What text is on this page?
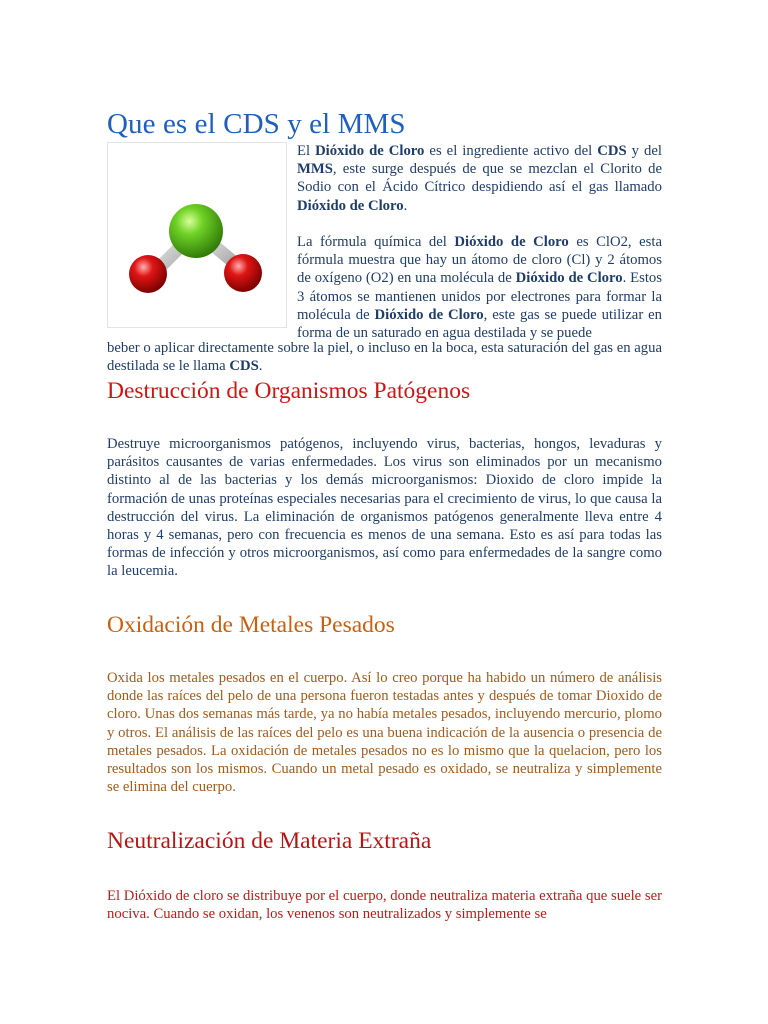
Que es el CDS y el MMS

El Dióxido de Cloro es el ingrediente activo del CDS y del MMS, este surge después de que se mezclan el Clorito de Sodio con el Ácido Cítrico despidiendo así el gas llamado Dióxido de Cloro.

La fórmula química del Dióxido de Cloro es ClO2, esta fórmula muestra que hay un átomo de cloro (Cl) y 2 átomos de oxígeno (O2) en una molécula de Dióxido de Cloro. Estos 3 átomos se mantienen unidos por electrones para formar la molécula de Dióxido de Cloro, este gas se puede utilizar en forma de un saturado en agua destilada y se puede

beber o aplicar directamente sobre la piel, o incluso en la boca, esta saturación del gas en agua destilada se le llama CDS.

Destrucción de Organismos Patógenos

Destruye microorganismos patógenos, incluyendo virus, bacterias, hongos, levaduras y parásitos causantes de varias enfermedades. Los virus son eliminados por un mecanismo distinto al de las bacterias y los demás microorganismos: Dioxido de cloro impide la formación de unas proteínas especiales necesarias para el crecimiento de virus, lo que causa la destrucción del virus. La eliminación de organismos patógenos generalmente lleva entre 4 horas y 4 semanas, pero con frecuencia es menos de una semana. Esto es así para todas las formas de infección y otros microorganismos, así como para enfermedades de la sangre como la leucemia.

Oxidación de Metales Pesados

Oxida los metales pesados en el cuerpo. Así lo creo porque ha habido un número de análisis donde las raíces del pelo de una persona fueron testadas antes y después de tomar Dioxido de cloro. Unas dos semanas más tarde, ya no había metales pesados, incluyendo mercurio, plomo y otros. El análisis de las raíces del pelo es una buena indicación de la ausencia o presencia de metales pesados. La oxidación de metales pesados no es lo mismo que la quelacion, pero los resultados son los mismos. Cuando un metal pesado es oxidado, se neutraliza y simplemente se elimina del cuerpo.

Neutralización de Materia Extraña

El Dióxido de cloro se distribuye por el cuerpo, donde neutraliza materia extraña que suele ser nociva. Cuando se oxidan, los venenos son neutralizados y simplemente se
